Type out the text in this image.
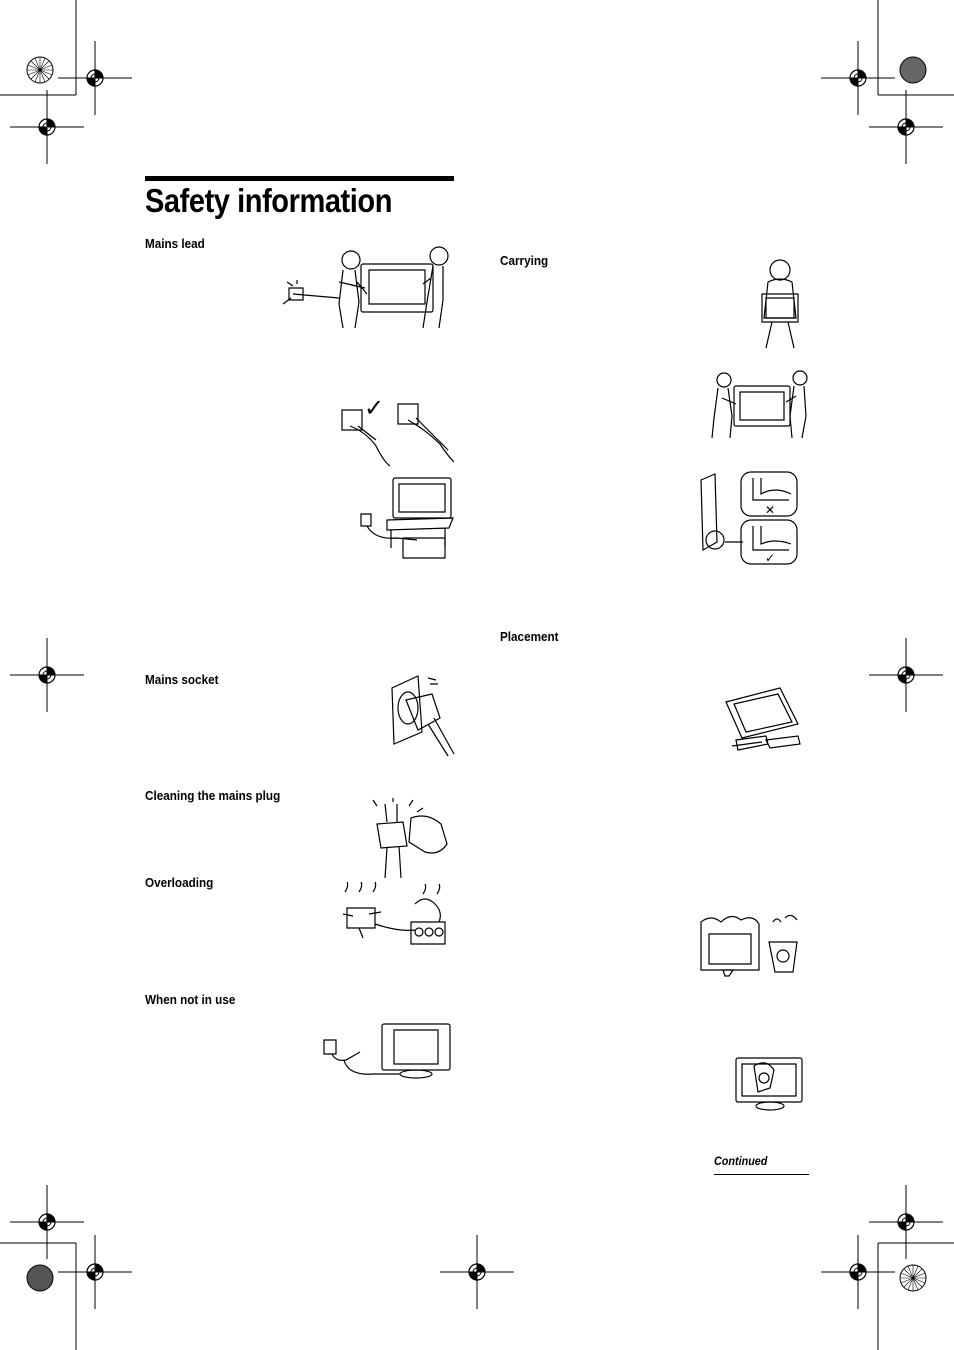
Safety information
Mains lead
Mains socket
Cleaning the mains plug
Overloading
When not in use
Carrying
Placement
✓
✕
✓
Continued
